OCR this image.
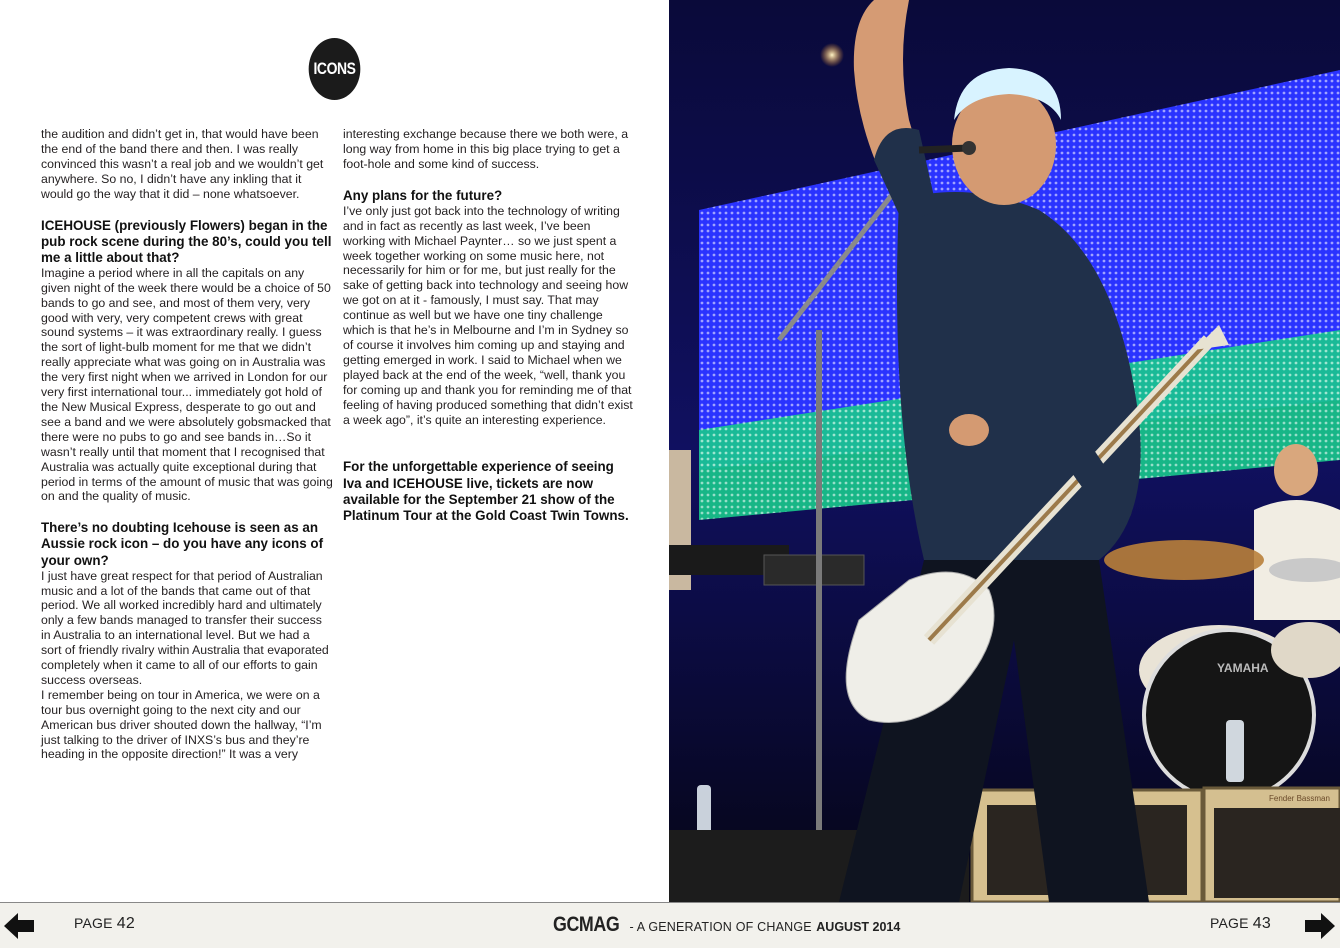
ICONS

the audition and didn’t get in, that would have been the end of the band there and then. I was really convinced this wasn’t a real job and we wouldn’t get anywhere. So no, I didn’t have any inkling that it would go the way that it did – none whatsoever.

ICEHOUSE (previously Flowers) began in the pub rock scene during the 80’s, could you tell me a little about that?

Imagine a period where in all the capitals on any given night of the week there would be a choice of 50 bands to go and see, and most of them very, very good with very, very competent crews with great sound systems – it was extraordinary really. I guess the sort of light-bulb moment for me that we didn’t really appreciate what was going on in Australia was the very first night when we arrived in London for our very first international tour... immediately got hold of the New Musical Express, desperate to go out and see a band and we were absolutely gobsmacked that there were no pubs to go and see bands in…So it wasn’t really until that moment that I recognised that Australia was actually quite exceptional during that period in terms of the amount of music that was going on and the quality of music.

There’s no doubting Icehouse is seen as an Aussie rock icon – do you have any icons of your own?

I just have great respect for that period of Australian music and a lot of the bands that came out of that period. We all worked incredibly hard and ultimately only a few bands managed to transfer their success in Australia to an international level. But we had a sort of friendly rivalry within Australia that evaporated completely when it came to all of our efforts to gain success overseas.

I remember being on tour in America, we were on a tour bus overnight going to the next city and our American bus driver shouted down the hallway, “I’m just talking to the driver of INXS’s bus and they’re heading in the opposite direction!” It was a very

interesting exchange because there we both were, a long way from home in this big place trying to get a foot-hole and some kind of success.

Any plans for the future?

I’ve only just got back into the technology of writing and in fact as recently as last week, I’ve been working with Michael Paynter… so we just spent a week together working on some music here, not necessarily for him or for me, but just really for the sake of getting back into technology and seeing how we got on at it - famously, I must say. That may continue as well but we have one tiny challenge which is that he’s in Melbourne and I’m in Sydney so of course it involves him coming up and staying and getting emerged in work. I said to Michael when we played back at the end of the week, “well, thank you for coming up and thank you for reminding me of that feeling of having produced something that didn’t exist a week ago”, it’s quite an interesting experience.

For the unforgettable experience of seeing Iva and ICEHOUSE live, tickets are now available for the September 21 show of the Platinum Tour at the Gold Coast Twin Towns.

YAMAHA
Fender Bassman
PAGE 42	GCMAG - A GENERATION OF CHANGE AUGUST 2014	PAGE 43
